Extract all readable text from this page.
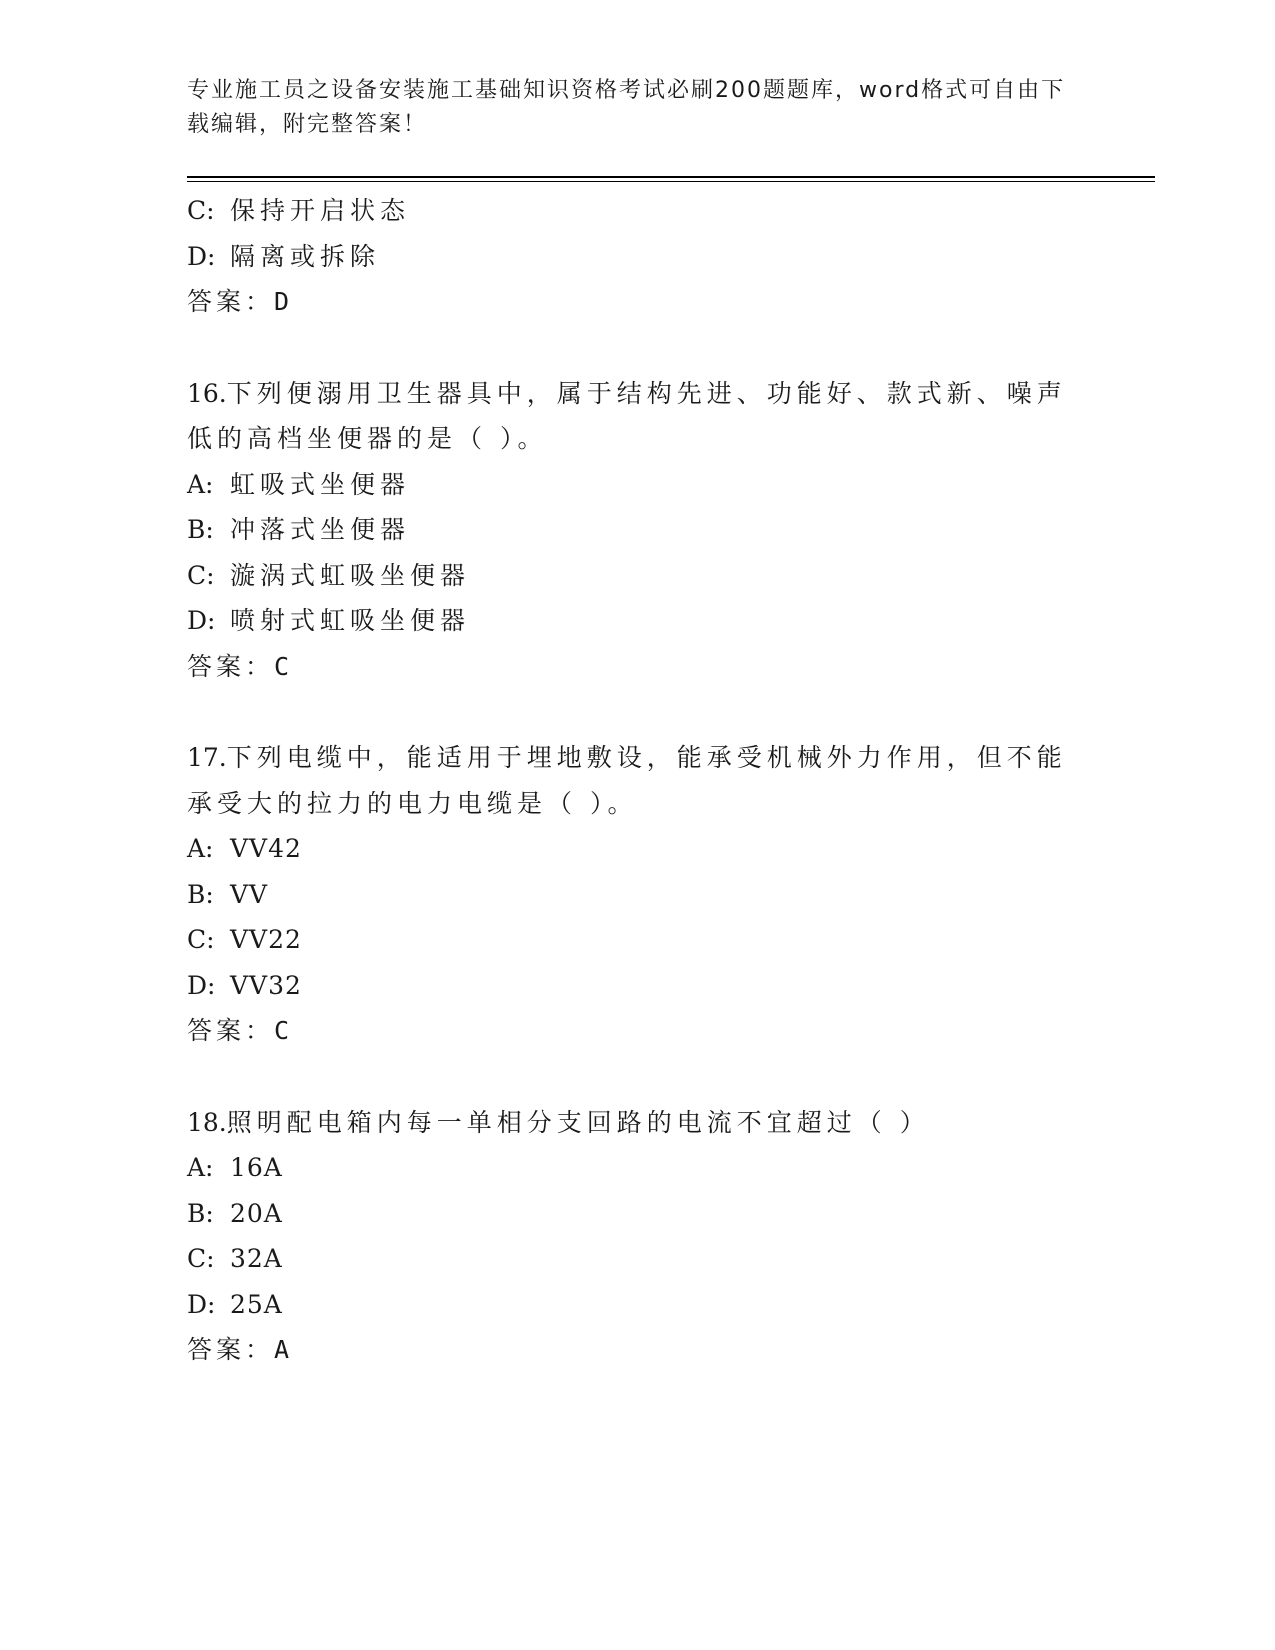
专业施工员之设备安装施工基础知识资格考试必刷200题题库，word格式可自由下载编辑，附完整答案！
C: 保持开启状态
D: 隔离或拆除
答案：D
16.下列便溺用卫生器具中，属于结构先进、功能好、款式新、噪声低的高档坐便器的是（ ）。
A: 虹吸式坐便器
B: 冲落式坐便器
C: 漩涡式虹吸坐便器
D: 喷射式虹吸坐便器
答案：C
17.下列电缆中，能适用于埋地敷设，能承受机械外力作用，但不能承受大的拉力的电力电缆是（ ）。
A: VV42
B: VV
C: VV22
D: VV32
答案：C
18.照明配电箱内每一单相分支回路的电流不宜超过（ ）
A: 16A
B: 20A
C: 32A
D: 25A
答案：A
